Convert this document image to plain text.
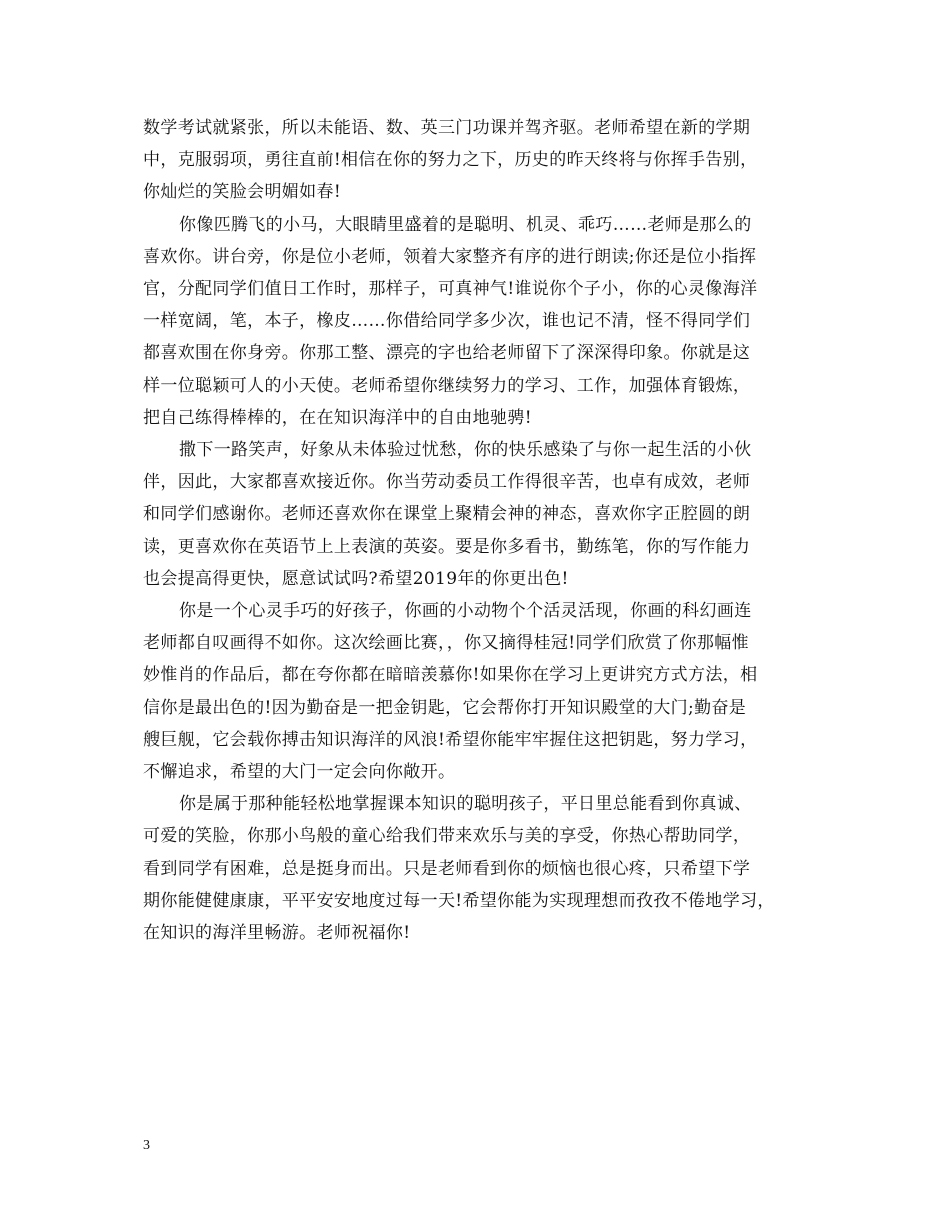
数学考试就紧张，所以未能语、数、英三门功课并驾齐驱。老师希望在新的学期
中，克服弱项，勇往直前!相信在你的努力之下，历史的昨天终将与你挥手告别，
你灿烂的笑脸会明媚如春!
你像匹腾飞的小马，大眼睛里盛着的是聪明、机灵、乖巧……老师是那么的
喜欢你。讲台旁，你是位小老师，领着大家整齐有序的进行朗读;你还是位小指挥
官，分配同学们值日工作时，那样子，可真神气!谁说你个子小，你的心灵像海洋
一样宽阔，笔，本子，橡皮……你借给同学多少次，谁也记不清，怪不得同学们
都喜欢围在你身旁。你那工整、漂亮的字也给老师留下了深深得印象。你就是这
样一位聪颖可人的小天使。老师希望你继续努力的学习、工作，加强体育锻炼，
把自己练得棒棒的，在在知识海洋中的自由地驰骋!
撒下一路笑声，好象从未体验过忧愁，你的快乐感染了与你一起生活的小伙
伴，因此，大家都喜欢接近你。你当劳动委员工作得很辛苦，也卓有成效，老师
和同学们感谢你。老师还喜欢你在课堂上聚精会神的神态，喜欢你字正腔圆的朗
读，更喜欢你在英语节上上表演的英姿。要是你多看书，勤练笔，你的写作能力
也会提高得更快，愿意试试吗?希望2019年的你更出色!
你是一个心灵手巧的好孩子，你画的小动物个个活灵活现，你画的科幻画连
老师都自叹画得不如你。这次绘画比赛，，你又摘得桂冠!同学们欣赏了你那幅惟
妙惟肖的作品后，都在夸你都在暗暗羡慕你!如果你在学习上更讲究方式方法，相
信你是最出色的!因为勤奋是一把金钥匙，它会帮你打开知识殿堂的大门;勤奋是
艘巨舰，它会载你搏击知识海洋的风浪!希望你能牢牢握住这把钥匙，努力学习，
不懈追求，希望的大门一定会向你敞开。
你是属于那种能轻松地掌握课本知识的聪明孩子，平日里总能看到你真诚、
可爱的笑脸，你那小鸟般的童心给我们带来欢乐与美的享受，你热心帮助同学，
看到同学有困难，总是挺身而出。只是老师看到你的烦恼也很心疼，只希望下学
期你能健健康康，平平安安地度过每一天!希望你能为实现理想而孜孜不倦地学习，
在知识的海洋里畅游。老师祝福你!
3
